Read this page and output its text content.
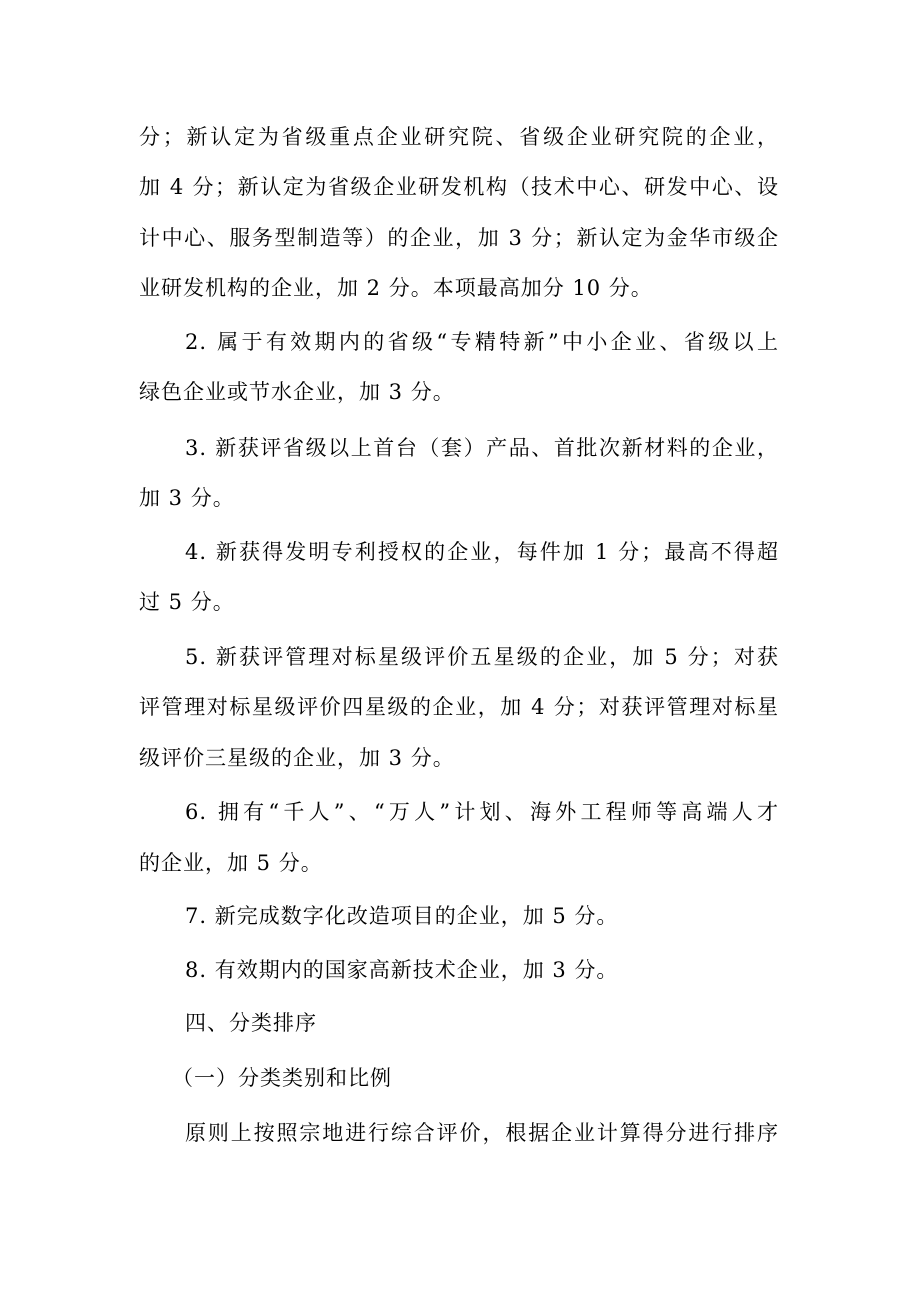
分；新认定为省级重点企业研究院、省级企业研究院的企业，
加 4 分；新认定为省级企业研发机构（技术中心、研发中心、设
计中心、服务型制造等）的企业，加 3 分；新认定为金华市级企
业研发机构的企业，加 2 分。本项最高加分 10 分。
2. 属于有效期内的省级“专精特新”中小企业、省级以上
绿色企业或节水企业，加 3 分。
3. 新获评省级以上首台（套）产品、首批次新材料的企业，
加 3 分。
4. 新获得发明专利授权的企业，每件加 1 分；最高不得超
过 5 分。
5. 新获评管理对标星级评价五星级的企业，加 5 分；对获
评管理对标星级评价四星级的企业，加 4 分；对获评管理对标星
级评价三星级的企业，加 3 分。
6. 拥有“千人”、“万人”计划、海外工程师等高端人才
的企业，加 5 分。
7. 新完成数字化改造项目的企业，加 5 分。
8. 有效期内的国家高新技术企业，加 3 分。
四、分类排序
（一）分类类别和比例
原则上按照宗地进行综合评价，根据企业计算得分进行排序
